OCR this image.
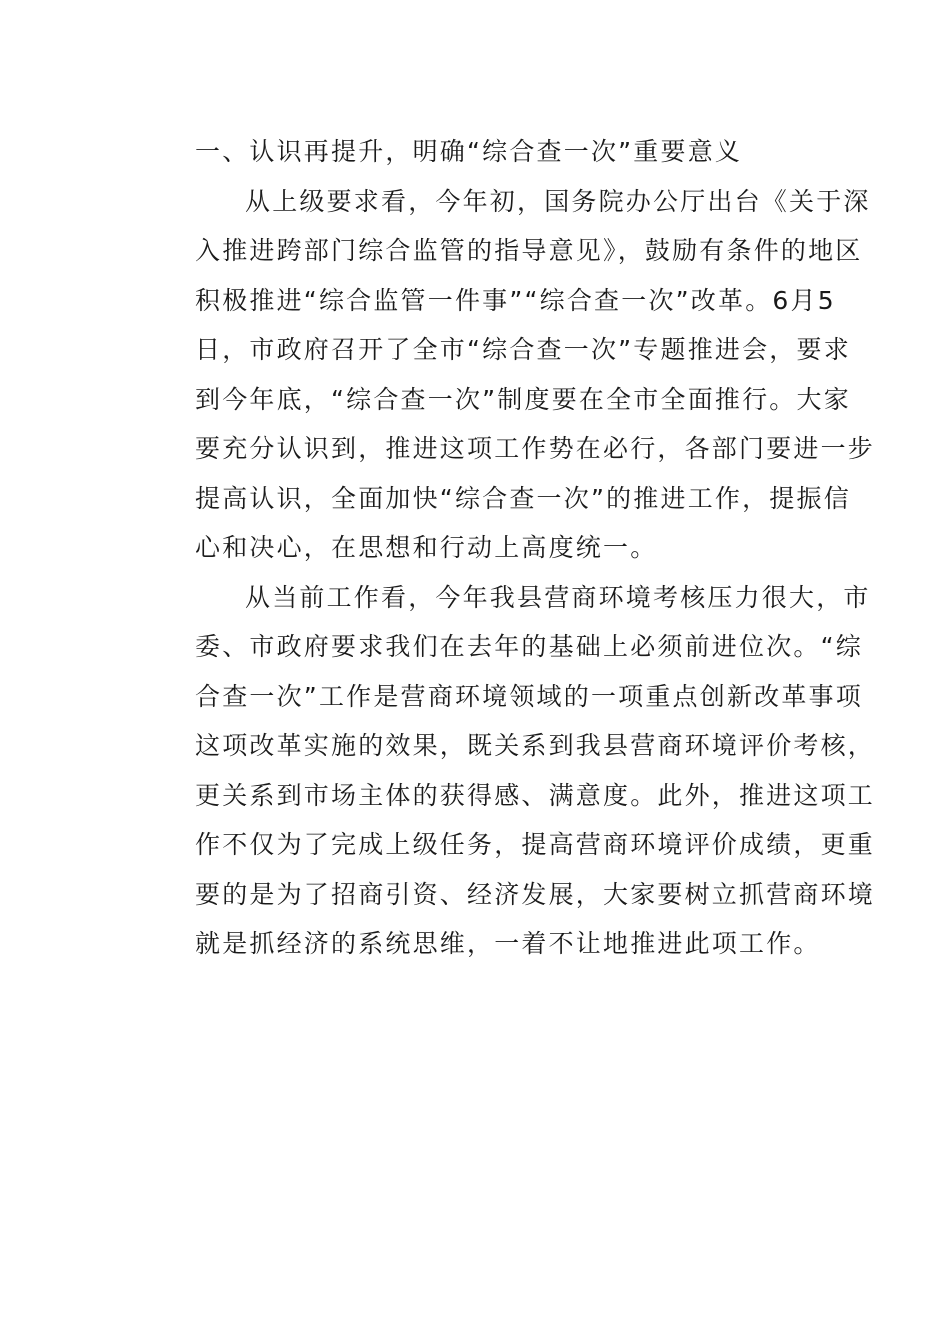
一、认识再提升，明确“综合查一次”重要意义

从上级要求看，今年初，国务院办公厅出台《关于深
入推进跨部门综合监管的指导意见》，鼓励有条件的地区
积极推进“综合监管一件事”“综合查一次”改革。6月5
日，市政府召开了全市“综合查一次”专题推进会，要求
到今年底，“综合查一次”制度要在全市全面推行。大家
要充分认识到，推进这项工作势在必行，各部门要进一步
提高认识，全面加快“综合查一次”的推进工作，提振信
心和决心，在思想和行动上高度统一。
从当前工作看，今年我县营商环境考核压力很大，市
委、市政府要求我们在去年的基础上必须前进位次。“综
合查一次”工作是营商环境领域的一项重点创新改革事项
这项改革实施的效果，既关系到我县营商环境评价考核，
更关系到市场主体的获得感、满意度。此外，推进这项工
作不仅为了完成上级任务，提高营商环境评价成绩，更重
要的是为了招商引资、经济发展，大家要树立抓营商环境
就是抓经济的系统思维，一着不让地推进此项工作。
